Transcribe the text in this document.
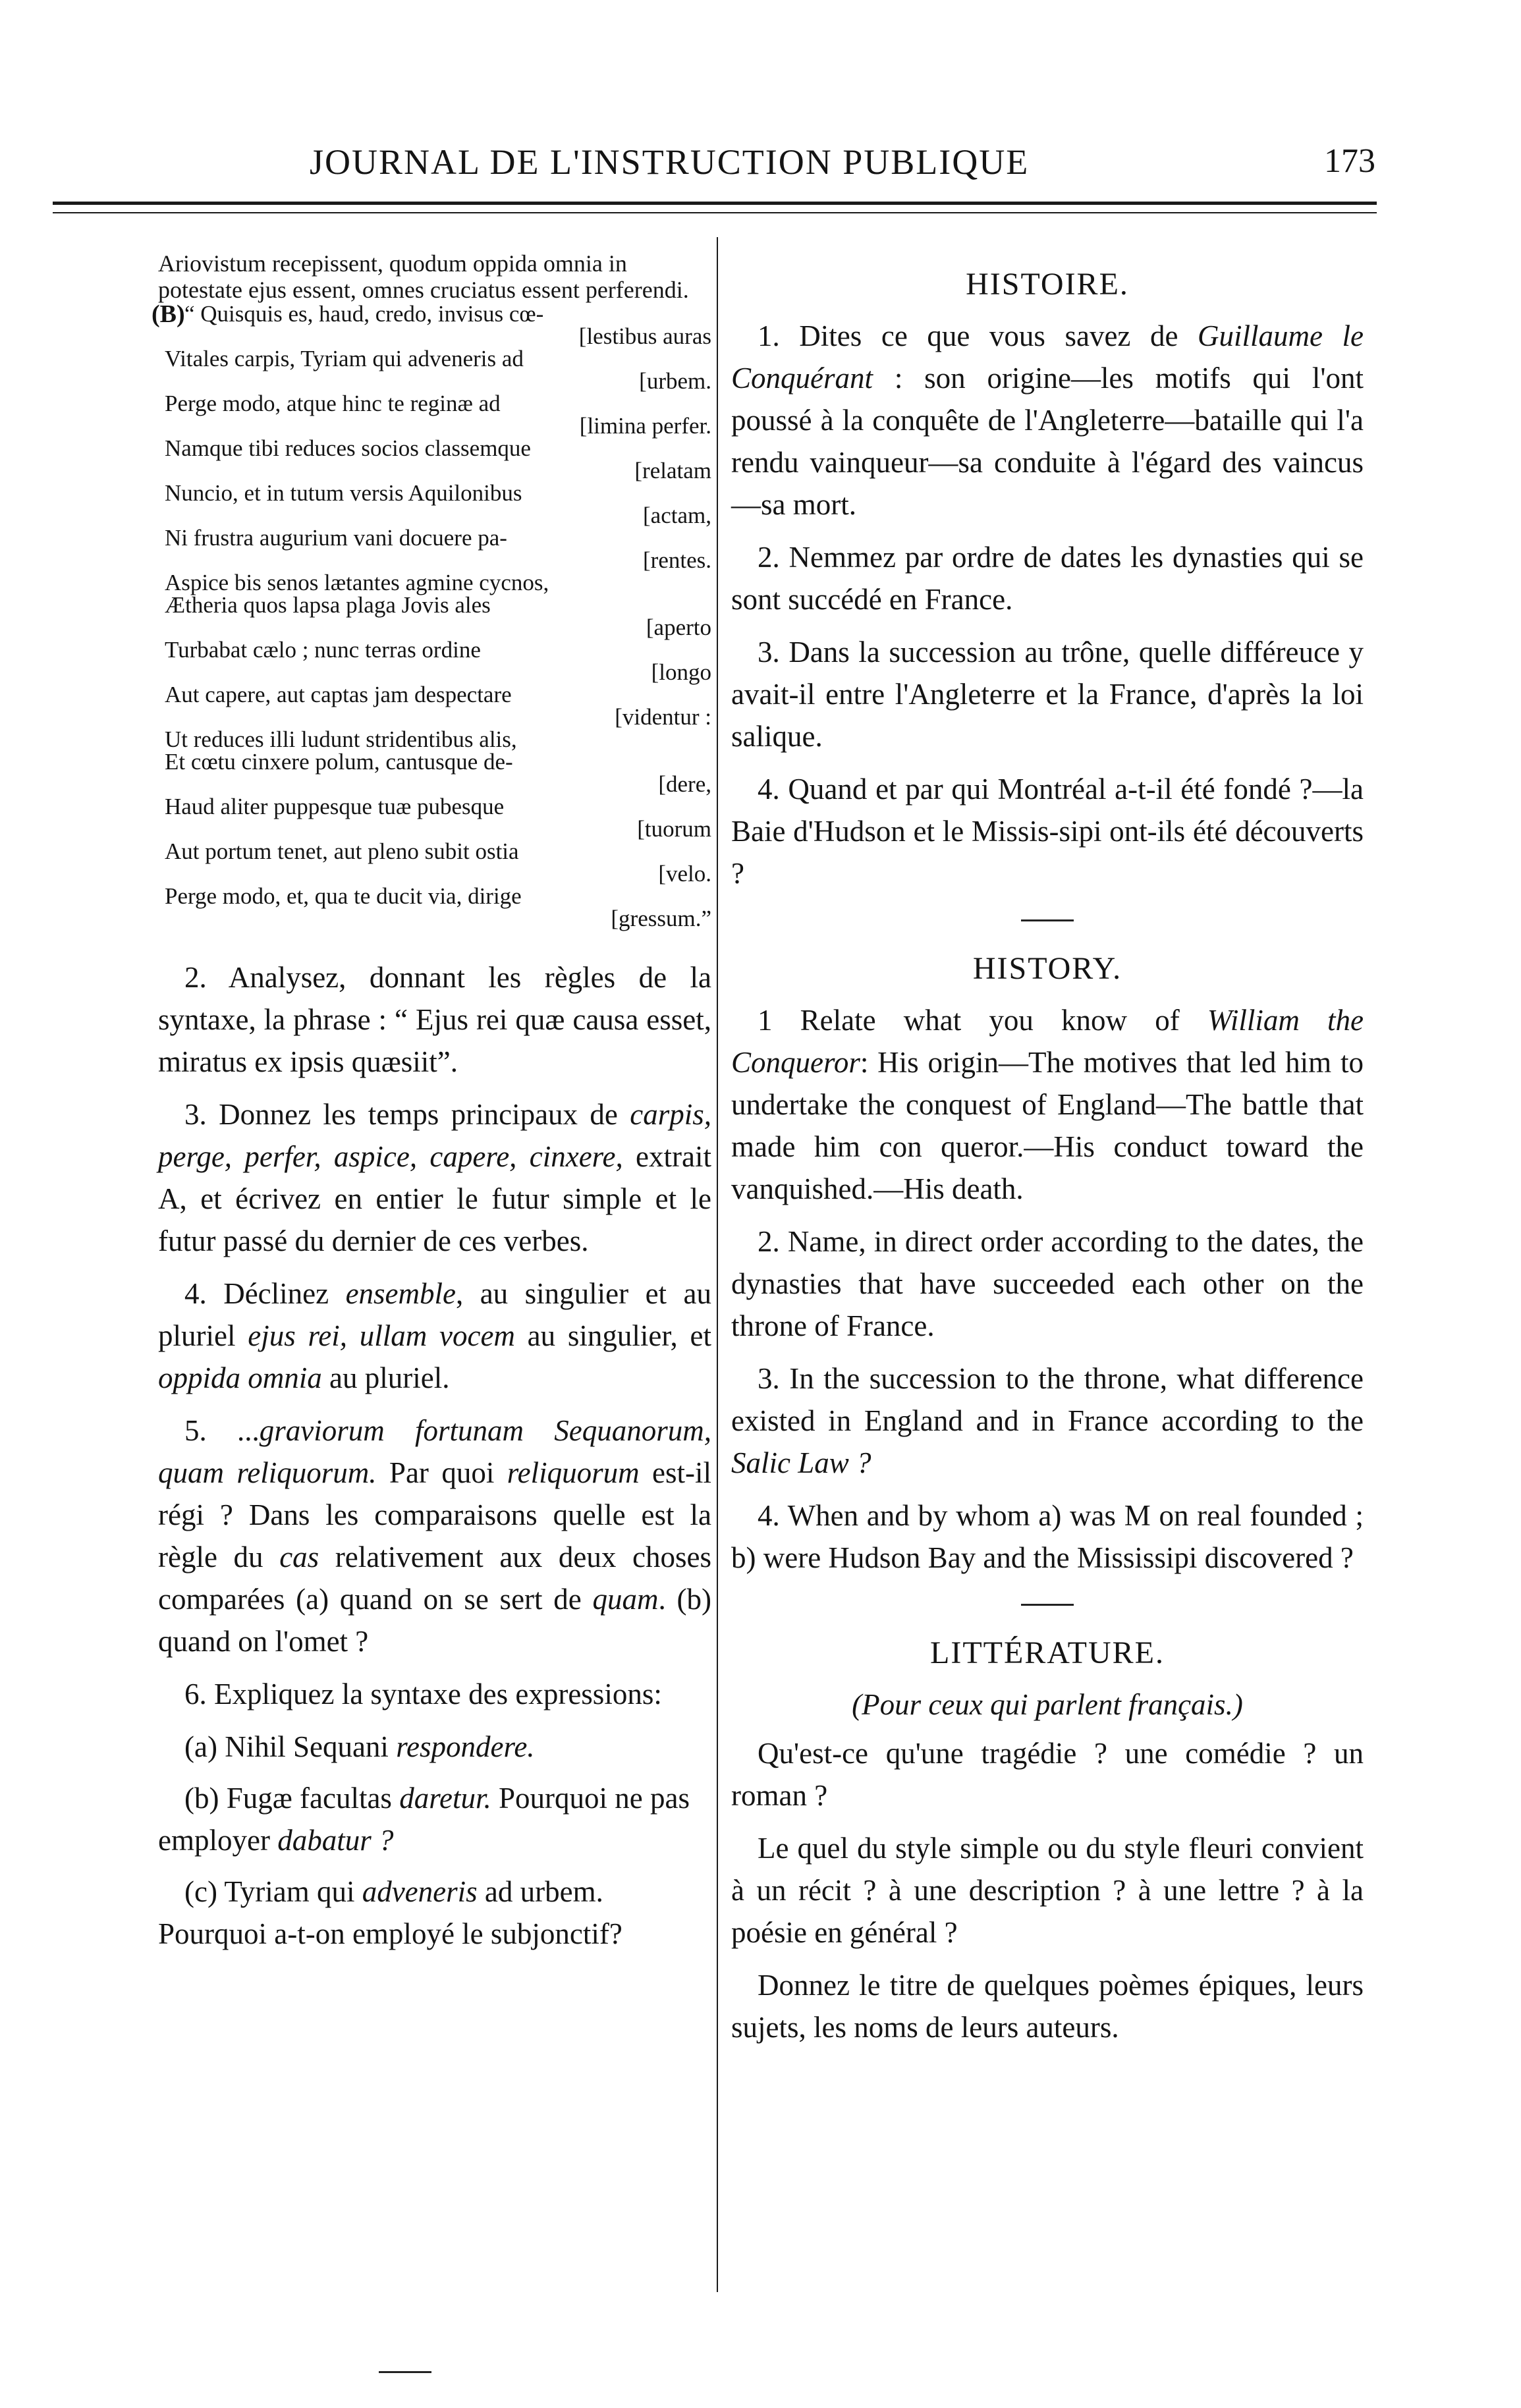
JOURNAL DE L'INSTRUCTION PUBLIQUE	173

Ariovistum recepissent, quodum oppida omnia in potestate ejus essent, omnes cruciatus essent perferendi.

(B) “ Quisquis es, haud, credo, invisus cœ-
[lestibus auras
Vitales carpis, Tyriam qui adveneris ad
[urbem.
Perge modo, atque hinc te reginæ ad
[limina perfer.
Namque tibi reduces socios classemque
[relatam
Nuncio, et in tutum versis Aquilonibus
[actam,
Ni frustra augurium vani docuere pa-
[rentes.
Aspice bis senos lætantes agmine cycnos,
Ætheria quos lapsa plaga Jovis ales
[aperto
Turbabat cælo ; nunc terras ordine
[longo
Aut capere, aut captas jam despectare
[videntur :
Ut reduces illi ludunt stridentibus alis,
Et cœtu cinxere polum, cantusque de-
[dere,
Haud aliter puppesque tuæ pubesque
[tuorum
Aut portum tenet, aut pleno subit ostia
[velo.
Perge modo, et, qua te ducit via, dirige
[gressum.”

2. Analysez, donnant les règles de la syntaxe, la phrase : “ Ejus rei quæ causa esset, miratus ex ipsis quæsiit”.

3. Donnez les temps principaux de carpis, perge, perfer, aspice, capere, cinxere, extrait A, et écrivez en entier le futur simple et le futur passé du dernier de ces verbes.

4. Déclinez ensemble, au singulier et au pluriel ejus rei, ullam vocem au singulier, et oppida omnia au pluriel.

5. ...graviorum fortunam Sequanorum, quam reliquorum. Par quoi reliquorum est-il régi ? Dans les comparaisons quelle est la règle du cas relativement aux deux choses comparées (a) quand on se sert de quam. (b) quand on l'omet ?

6. Expliquez la syntaxe des expressions:

(a) Nihil Sequani respondere.

(b) Fugæ facultas daretur. Pourquoi ne pas employer dabatur ?

(c) Tyriam qui adveneris ad urbem. Pourquoi a-t-on employé le subjonctif?

HISTOIRE.

1. Dites ce que vous savez de Guillaume le Conquérant : son origine—les motifs qui l'ont poussé à la conquête de l'Angleterre—bataille qui l'a rendu vainqueur—sa conduite à l'égard des vaincus—sa mort.

2. Nemmez par ordre de dates les dynasties qui se sont succédé en France.

3. Dans la succession au trône, quelle différeuce y avait-il entre l'Angleterre et la France, d'après la loi salique.

4. Quand et par qui Montréal a-t-il été fondé ?—la Baie d'Hudson et le Missis-sipi ont-ils été découverts ?

HISTORY.

1 Relate what you know of William the Conqueror: His origin—The motives that led him to undertake the conquest of England—The battle that made him con queror.—His conduct toward the vanquished.—His death.

2. Name, in direct order according to the dates, the dynasties that have succeeded each other on the throne of France.

3. In the succession to the throne, what difference existed in England and in France according to the Salic Law ?

4. When and by whom a) was M on real founded ; b) were Hudson Bay and the Mississipi discovered ?

LITTÉRATURE.

(Pour ceux qui parlent français.)

Qu'est-ce qu'une tragédie ? une comédie ? un roman ?

Le quel du style simple ou du style fleuri convient à un récit ? à une description ? à une lettre ? à la poésie en général ?

Donnez le titre de quelques poèmes épiques, leurs sujets, les noms de leurs auteurs.
